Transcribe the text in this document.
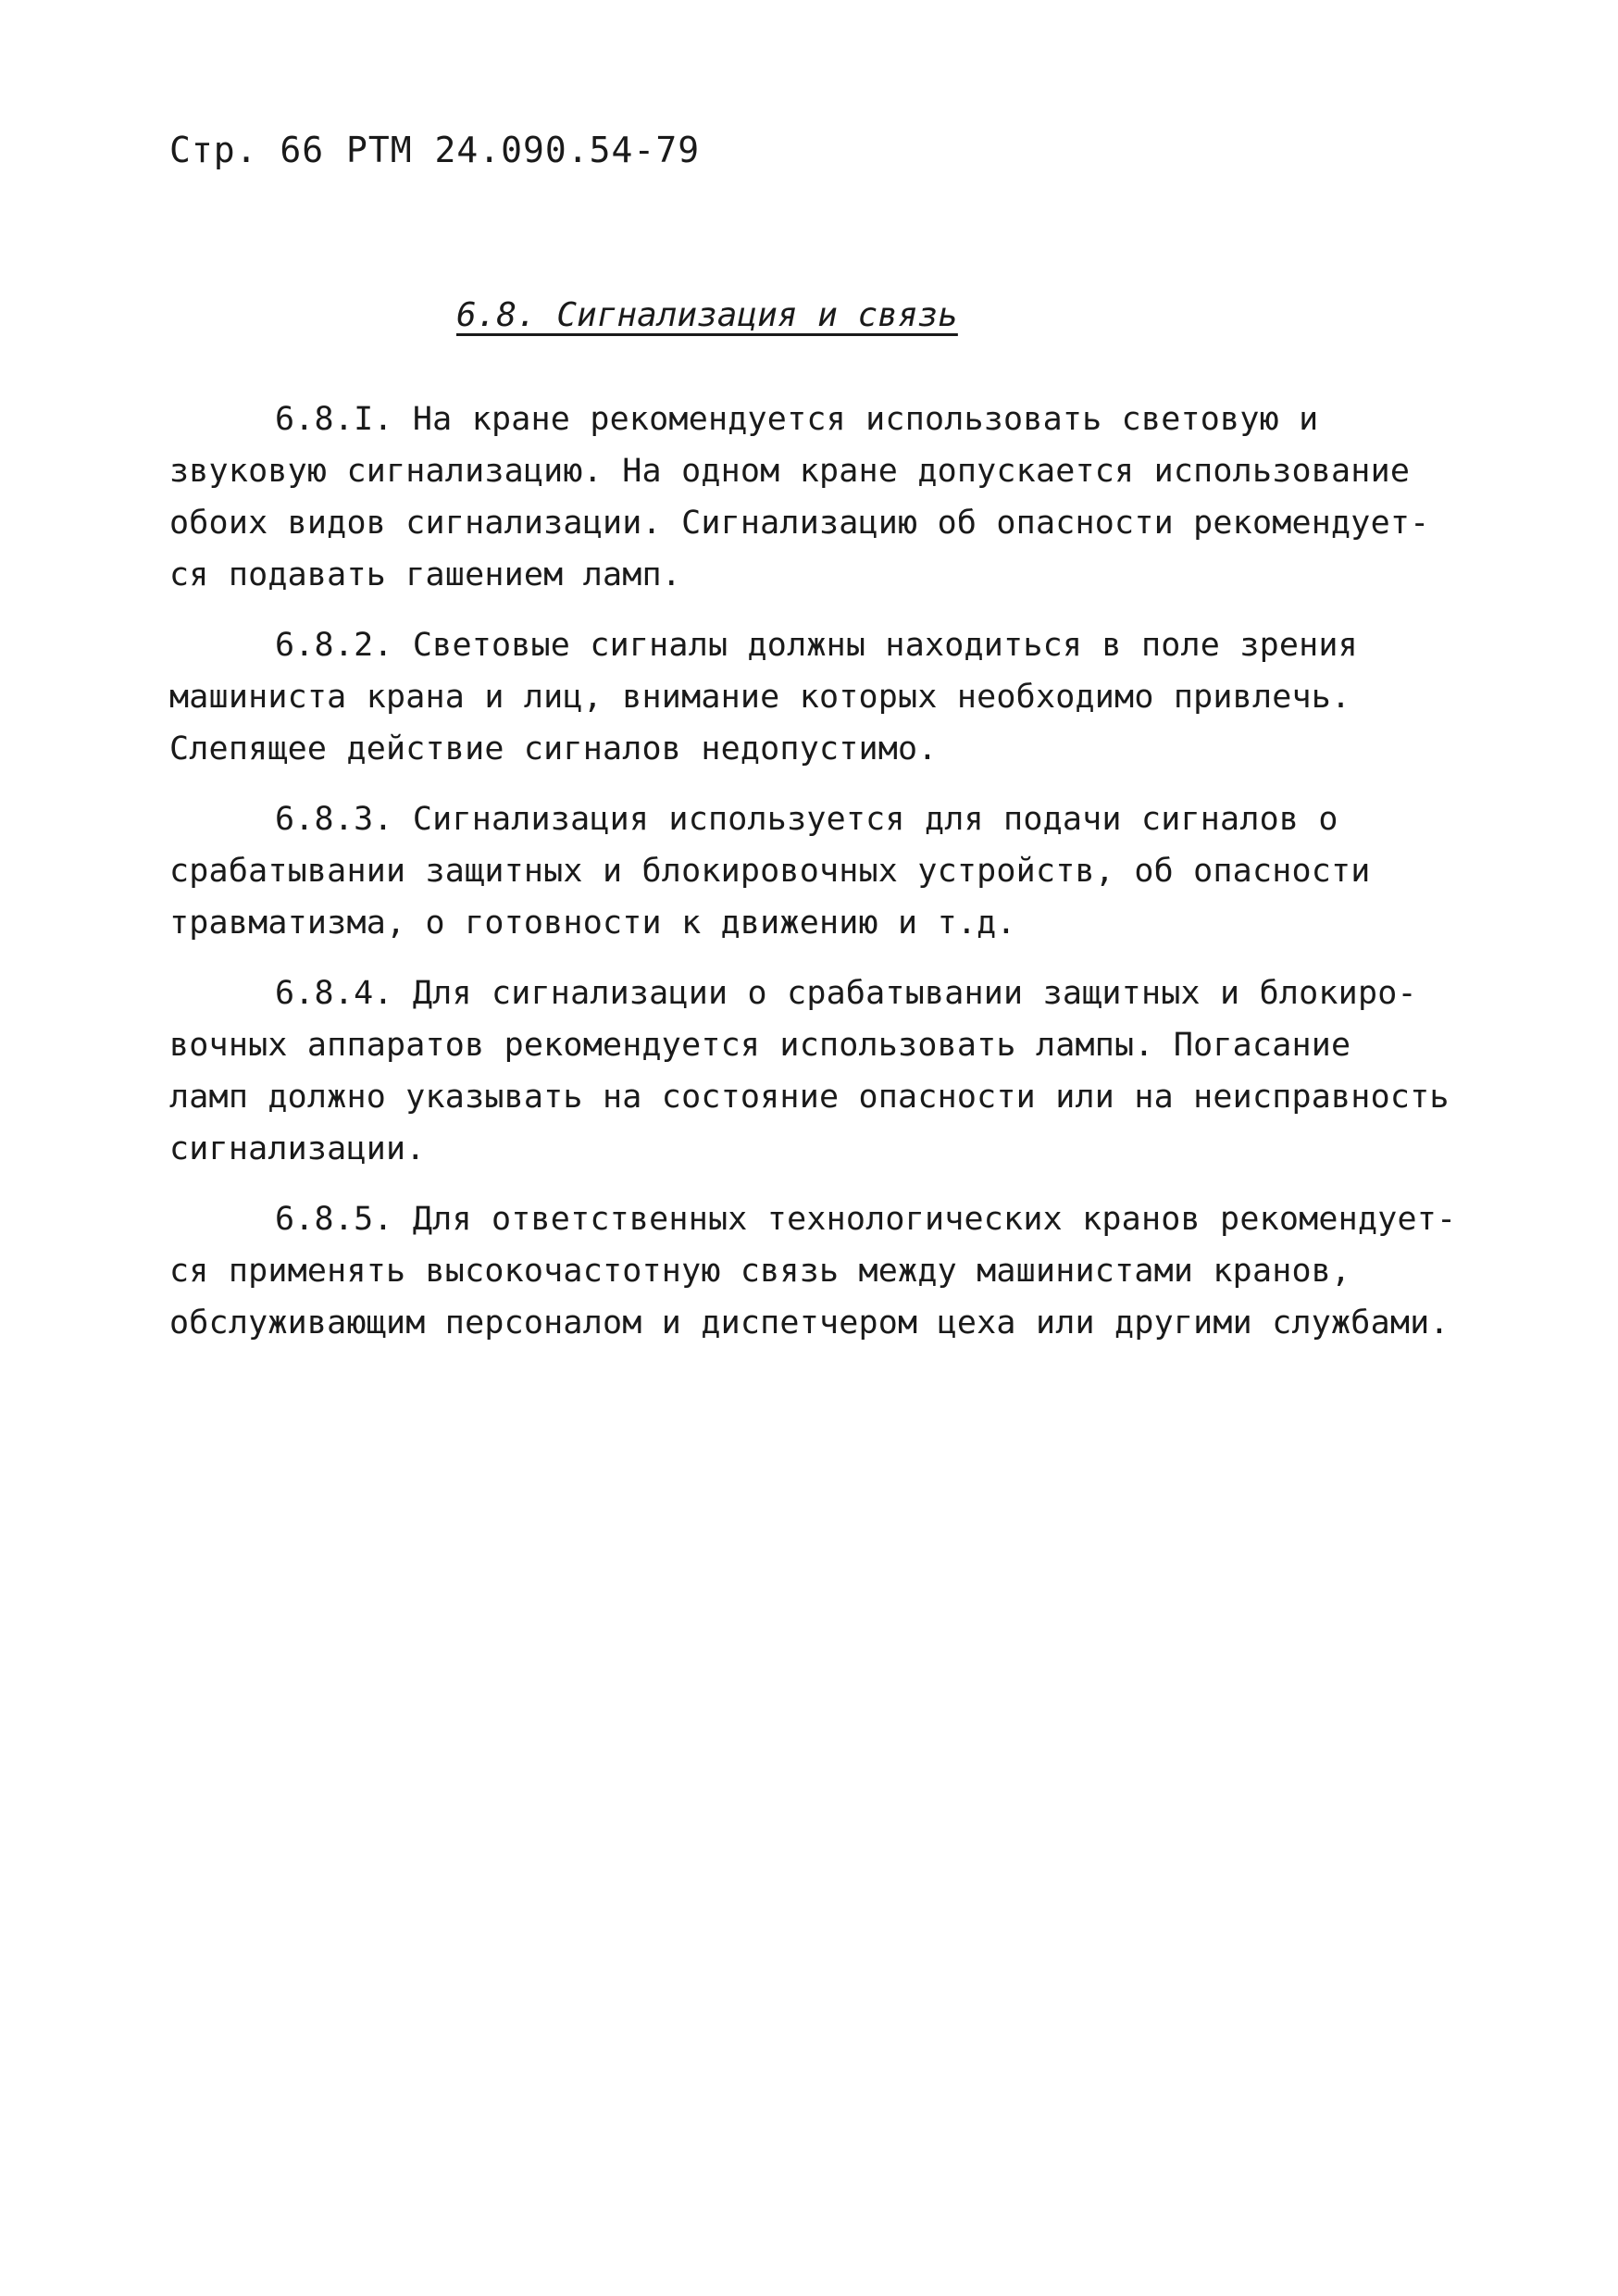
Стр. 66 РТМ 24.090.54-79
6.8. Сигнализация и связь
6.8.I. На кране рекомендуется использовать световую и
звуковую сигнализацию. На одном кране допускается использование
обоих видов сигнализации. Сигнализацию об опасности рекомендует-
ся подавать гашением ламп.
6.8.2. Световые сигналы должны находиться в поле зрения
машиниста крана и лиц, внимание которых необходимо привлечь.
Слепящее действие сигналов недопустимо.
6.8.3. Сигнализация используется для подачи сигналов о
срабатывании защитных и блокировочных устройств, об опасности
травматизма, о готовности к движению и т.д.
6.8.4. Для сигнализации о срабатывании защитных и блокиро-
вочных аппаратов рекомендуется использовать лампы. Погасание
ламп должно указывать на состояние опасности или на неисправность
сигнализации.
6.8.5. Для ответственных технологических кранов рекомендует-
ся применять высокочастотную связь между машинистами кранов,
обслуживающим персоналом и диспетчером цеха или другими службами.
